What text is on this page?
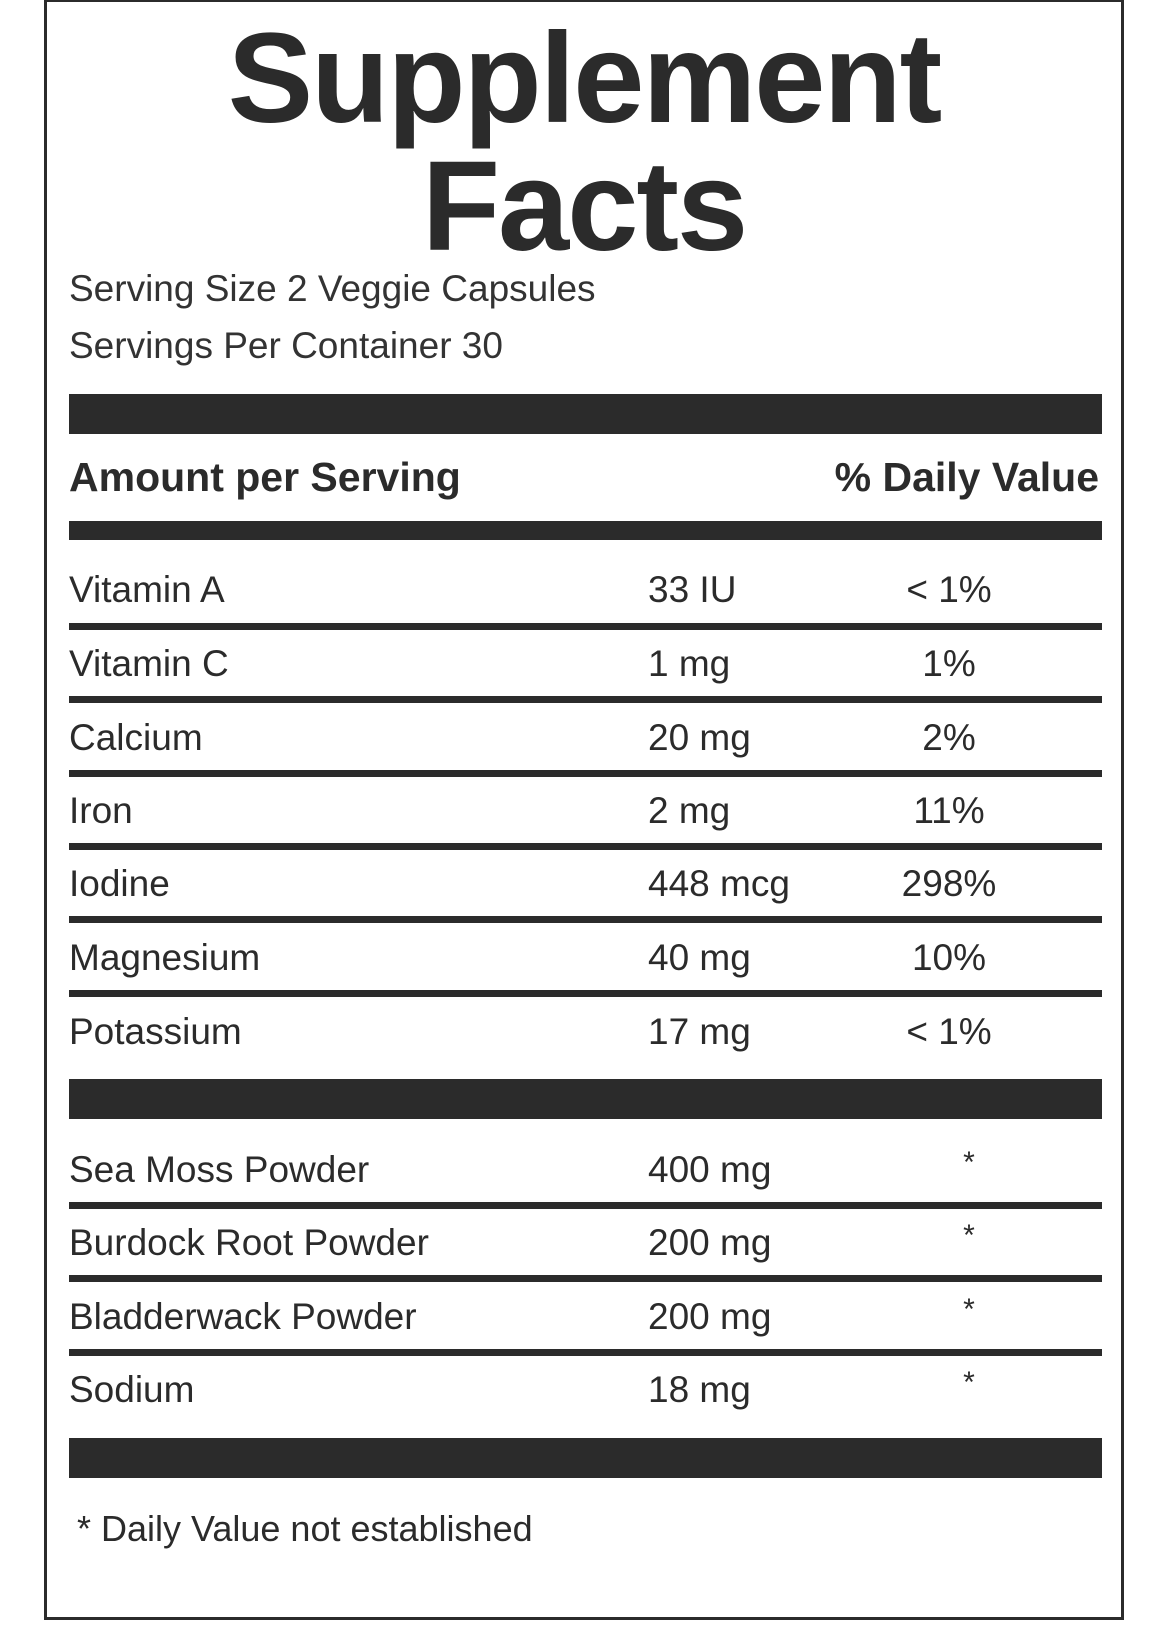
Supplement
Facts
Serving Size 2 Veggie Capsules
Servings Per Container 30
Amount per Serving	% Daily Value
Vitamin A	33 IU	< 1%
Vitamin C	1 mg	1%
Calcium	20 mg	2%
Iron	2 mg	11%
Iodine	448 mcg	298%
Magnesium	40 mg	10%
Potassium	17 mg	< 1%
Sea Moss Powder	400 mg	*
Burdock Root Powder	200 mg	*
Bladderwack Powder	200 mg	*
Sodium	18 mg	*
* Daily Value not established
